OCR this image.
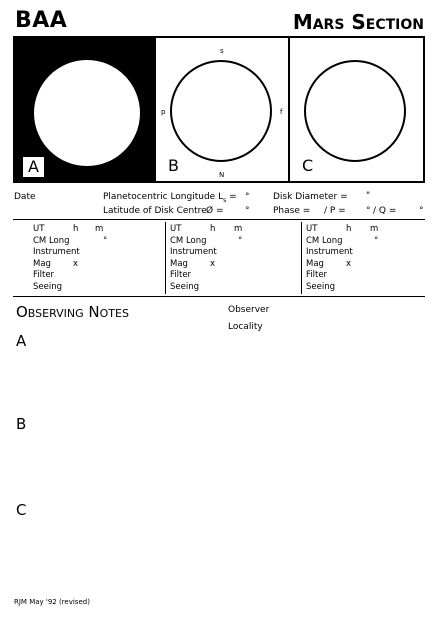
BAA	Mars Section
A
s
N
p	f
B	C
Date	Planetocentric Longitude $L_s$ = °
Latitude of Disk Centre Ø = °
Disk Diameter = "
Phase = / P = ° / Q =	°
UT	h m
CM Long	°
Instrument
Mag	x
Filter
Seeing
UT	h m
CM Long	°
Instrument
Mag	x
Filter
Seeing
UT	h m
CM Long	°
Instrument
Mag	x
Filter
Seeing
Observing Notes	Observer
Locality
A
B
C
RJM May '92 (revised)
